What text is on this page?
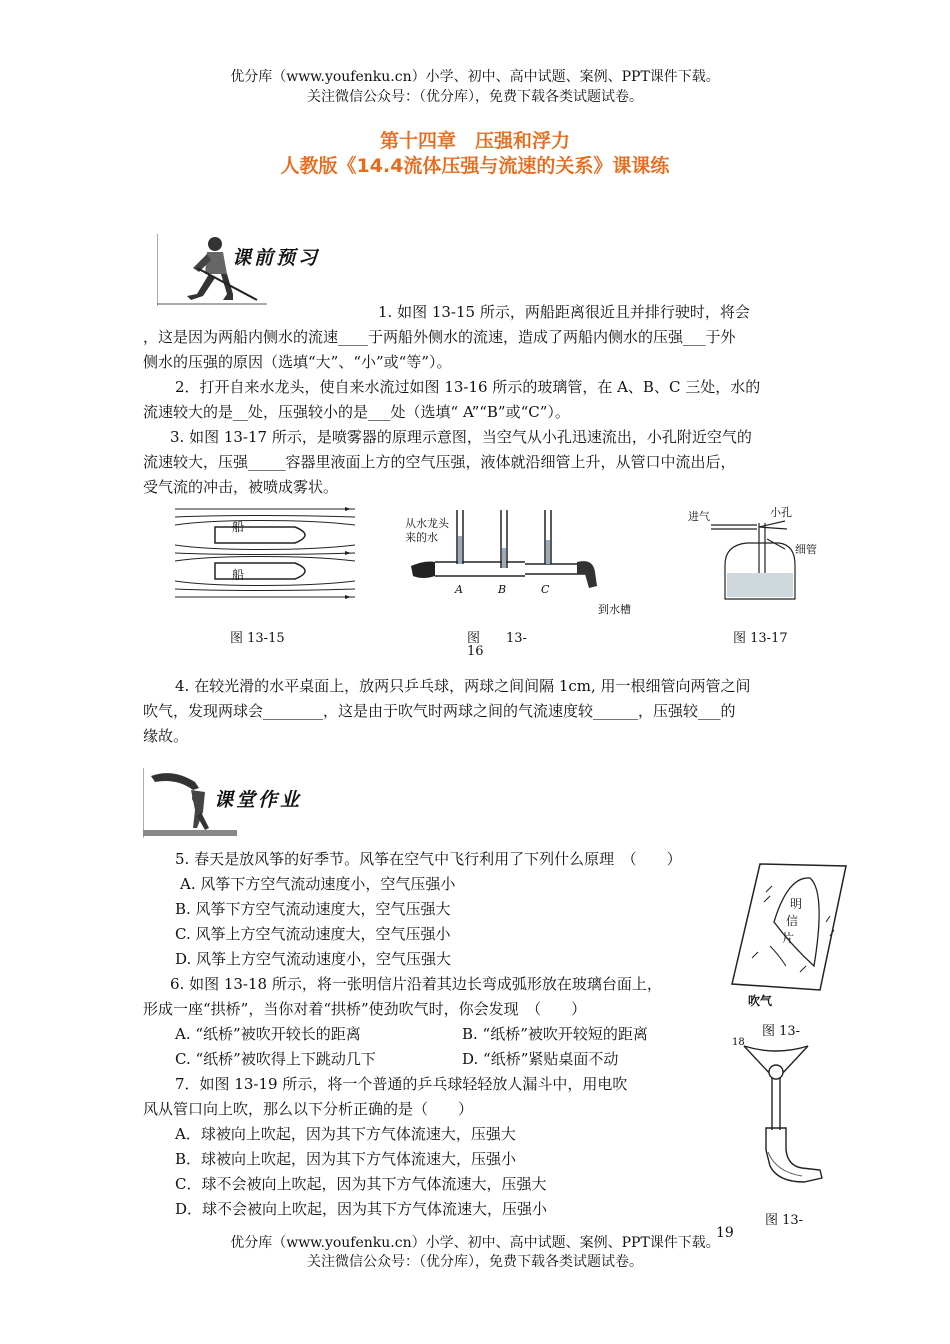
优分库（www.youfenku.cn）小学、初中、高中试题、案例、PPT课件下载。
关注微信公众号：（优分库），免费下载各类试题试卷。
第十四章　压强和浮力
人教版《14.4流体压强与流速的关系》课课练
课前预习
1. 如图 13-15 所示，两船距离很近且并排行驶时，将会
，这是因为两船内侧水的流速____于两船外侧水的流速，造成了两船内侧水的压强___于外
侧水的压强的原因（选填“大”、“小”或“等”）。
2．打开自来水龙头，使自来水流过如图 13-16 所示的玻璃管，在 A、B、C 三处，水的
流速较大的是__处，压强较小的是___处（选填“ A”“B”或“C”）。
3. 如图 13-17 所示，是喷雾器的原理示意图，当空气从小孔迅速流出，小孔附近空气的
流速较大，压强_____容器里液面上方的空气压强，液体就沿细管上升，从管口中流出后，
受气流的冲击，被喷成雾状。
船
船
图 13-15
从水龙头
来的水
A	B	C
到水槽
图　　13-
16
进气	小孔
细管
图 13-17
4. 在较光滑的水平桌面上，放两只乒乓球，两球之间间隔 1cm, 用一根细管向两管之间
吹气，发现两球会________，这是由于吹气时两球之间的气流速度较______，压强较___的
缘故。
课堂作业
5. 春天是放风筝的好季节。风筝在空气中飞行利用了下列什么原理　（　　）
A. 风筝下方空气流动速度小，空气压强小
B. 风筝下方空气流动速度大，空气压强大
C. 风筝上方空气流动速度大，空气压强小
D. 风筝上方空气流动速度小，空气压强大
6. 如图 13-18 所示，将一张明信片沿着其边长弯成弧形放在玻璃台面上，
形成一座“拱桥”，当你对着“拱桥”使劲吹气时，你会发现　（　　）
A. “纸桥”被吹开较长的距离	B. “纸桥”被吹开较短的距离
C. “纸桥”被吹得上下跳动几下	D. “纸桥”紧贴桌面不动
明
信
片
吹气
图 13-
18
7．如图 13-19 所示，将一个普通的乒乓球轻轻放人漏斗中，用电吹
风从管口向上吹，那么以下分析正确的是（　　）
A．球被向上吹起，因为其下方气体流速大，压强大
B．球被向上吹起，因为其下方气体流速大，压强小
C．球不会被向上吹起，因为其下方气体流速大，压强大
D．球不会被向上吹起，因为其下方气体流速大，压强小
图 13-
19
优分库（www.youfenku.cn）小学、初中、高中试题、案例、PPT课件下载。
关注微信公众号：（优分库），免费下载各类试题试卷。
